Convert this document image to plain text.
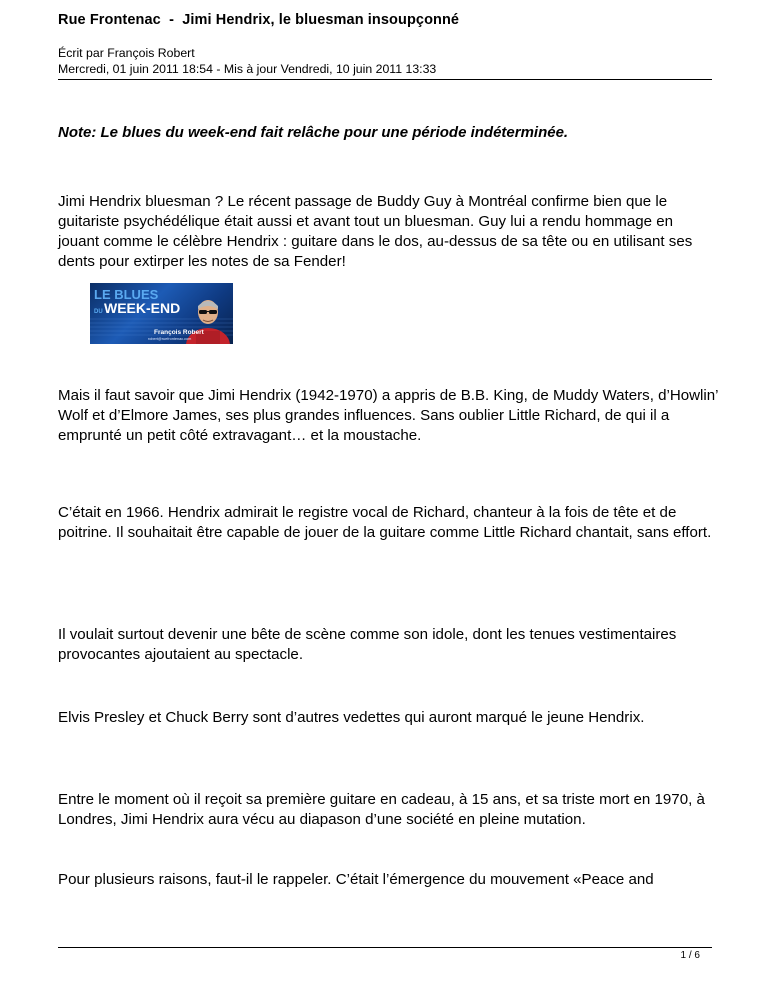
Rue Frontenac  -  Jimi Hendrix, le bluesman insoupçonné
Écrit par François Robert
Mercredi, 01 juin 2011 18:54 - Mis à jour Vendredi, 10 juin 2011 13:33
Note: Le blues du week-end fait relâche pour une période indéterminée.
Jimi Hendrix bluesman ? Le récent passage de Buddy Guy à Montréal confirme bien que le guitariste psychédélique était aussi et avant tout un bluesman. Guy lui a rendu hommage en jouant comme le célèbre Hendrix : guitare dans le dos, au-dessus de sa tête ou en utilisant ses dents pour extirper les notes de sa Fender!
LE BLUES
DU WEEK-END
François Robert
robert@ruefrontenac.com
Mais il faut savoir que Jimi Hendrix (1942-1970) a appris de B.B. King, de Muddy Waters, d’Howlin’ Wolf et d’Elmore James, ses plus grandes influences. Sans oublier Little Richard, de qui il a emprunté un petit côté extravagant… et la moustache.
C’était en 1966. Hendrix admirait le registre vocal de Richard, chanteur à la fois de tête et de poitrine. Il souhaitait être capable de jouer de la guitare comme Little Richard chantait, sans effort.
Il voulait surtout devenir une bête de scène comme son idole, dont les tenues vestimentaires provocantes ajoutaient au spectacle.
Elvis Presley et Chuck Berry sont d’autres vedettes qui auront marqué le jeune Hendrix.
Entre le moment où il reçoit sa première guitare en cadeau, à 15 ans, et sa triste mort en 1970, à Londres, Jimi Hendrix aura vécu au diapason d’une société en pleine mutation.
Pour plusieurs raisons, faut-il le rappeler. C’était l’émergence du mouvement «Peace and
1 / 6
